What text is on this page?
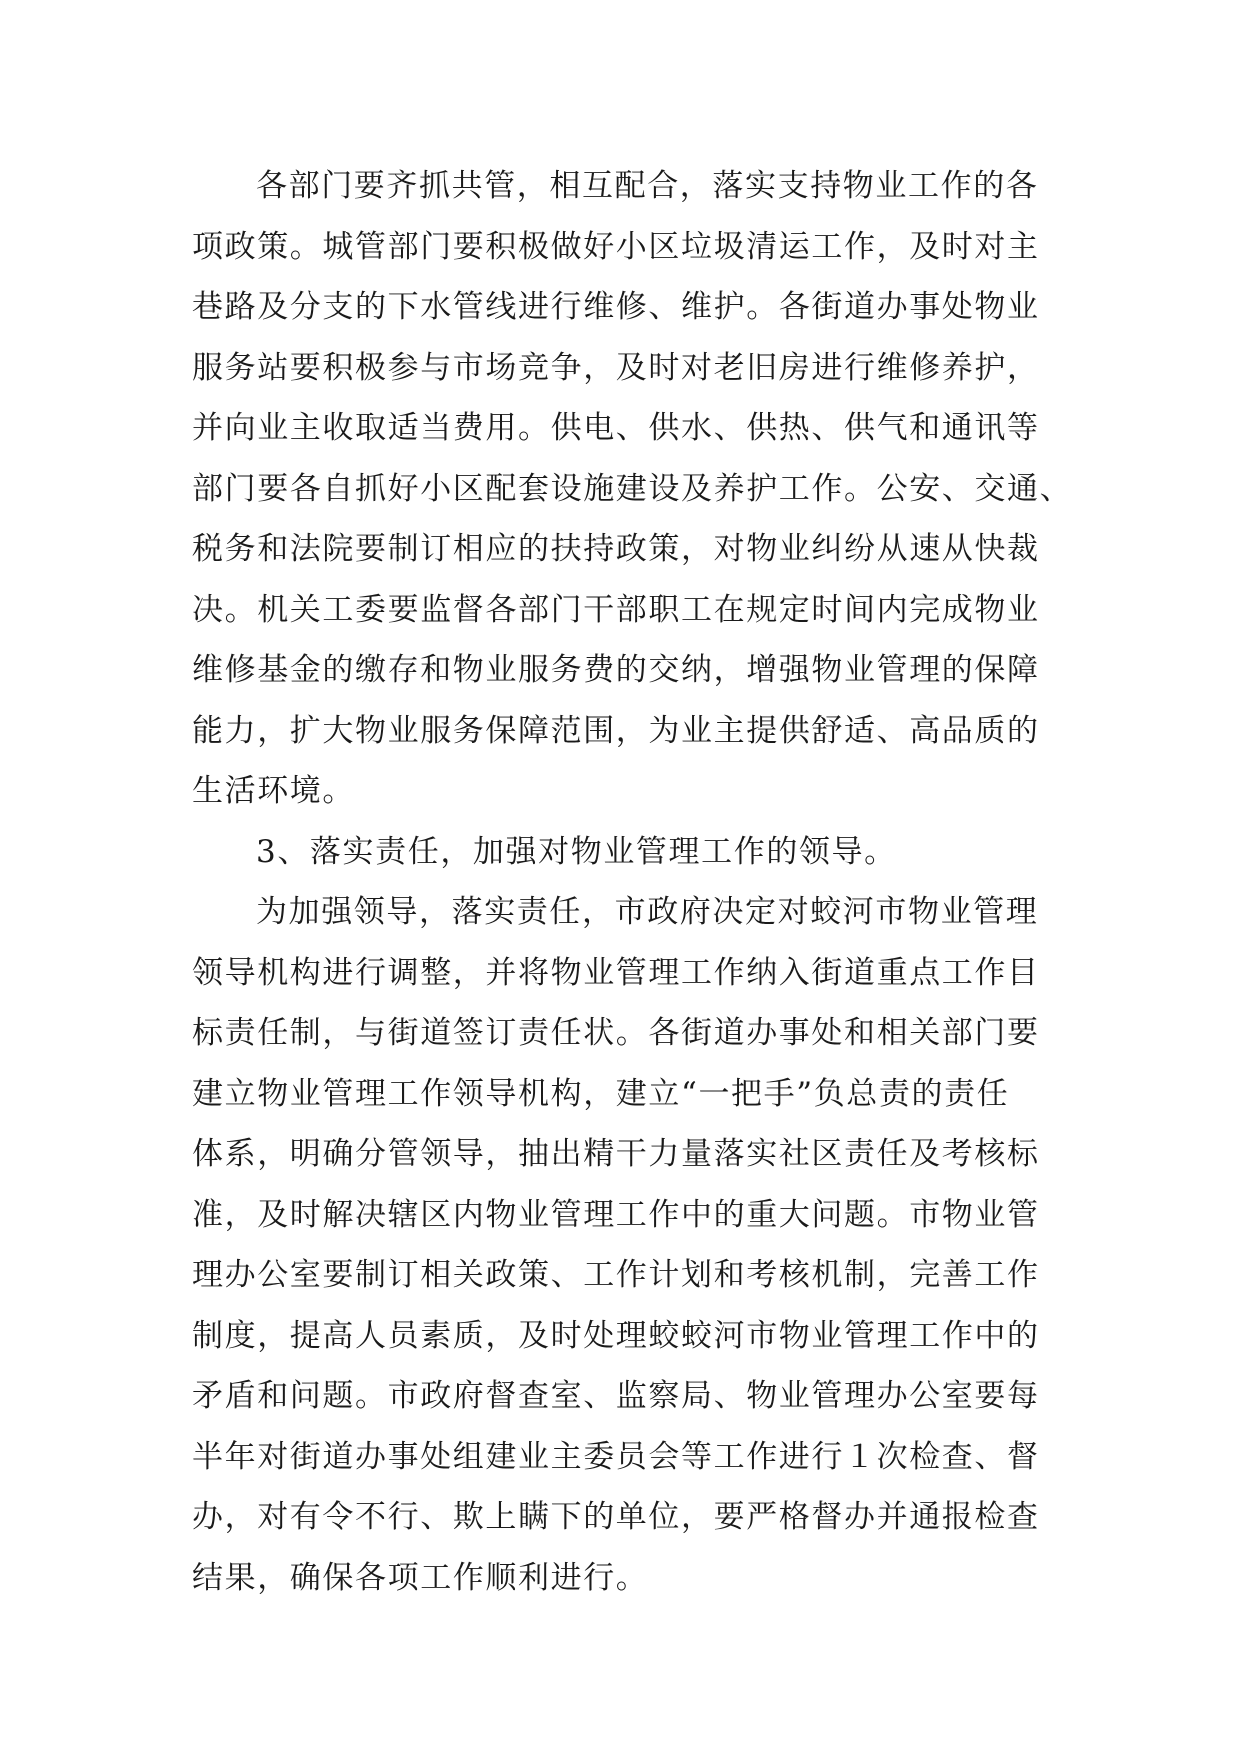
各部门要齐抓共管，相互配合，落实支持物业工作的各
项政策。城管部门要积极做好小区垃圾清运工作，及时对主
巷路及分支的下水管线进行维修、维护。各街道办事处物业
服务站要积极参与市场竞争，及时对老旧房进行维修养护，
并向业主收取适当费用。供电、供水、供热、供气和通讯等
部门要各自抓好小区配套设施建设及养护工作。公安、交通、
税务和法院要制订相应的扶持政策，对物业纠纷从速从快裁
决。机关工委要监督各部门干部职工在规定时间内完成物业
维修基金的缴存和物业服务费的交纳，增强物业管理的保障
能力，扩大物业服务保障范围，为业主提供舒适、高品质的
生活环境。
3、落实责任，加强对物业管理工作的领导。
为加强领导，落实责任，市政府决定对蛟河市物业管理
领导机构进行调整，并将物业管理工作纳入街道重点工作目
标责任制，与街道签订责任状。各街道办事处和相关部门要
建立物业管理工作领导机构，建立“一把手”负总责的责任
体系，明确分管领导，抽出精干力量落实社区责任及考核标
准，及时解决辖区内物业管理工作中的重大问题。市物业管
理办公室要制订相关政策、工作计划和考核机制，完善工作
制度，提高人员素质，及时处理蛟蛟河市物业管理工作中的
矛盾和问题。市政府督查室、监察局、物业管理办公室要每
半年对街道办事处组建业主委员会等工作进行１次检查、督
办，对有令不行、欺上瞒下的单位，要严格督办并通报检查
结果，确保各项工作顺利进行。
